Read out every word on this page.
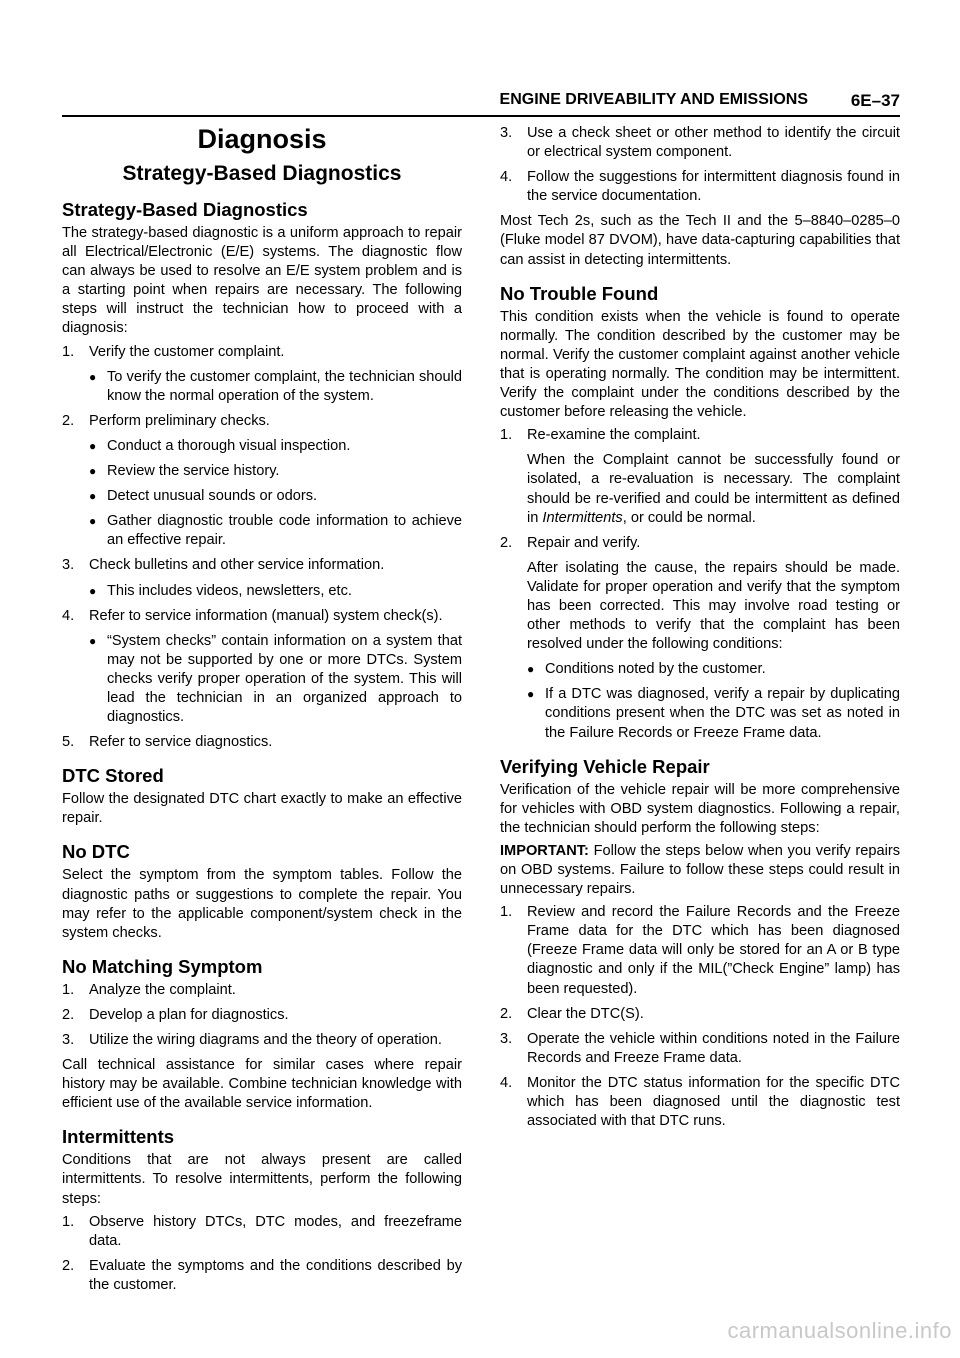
ENGINE DRIVEABILITY AND EMISSIONS	6E–37
Diagnosis
Strategy-Based Diagnostics
Strategy-Based Diagnostics

The strategy-based diagnostic is a uniform approach to repair all Electrical/Electronic (E/E) systems. The diagnostic flow can always be used to resolve an E/E system problem and is a starting point when repairs are necessary. The following steps will instruct the technician how to proceed with a diagnosis:

1. Verify the customer complaint.
● To verify the customer complaint, the technician should know the normal operation of the system.
2. Perform preliminary checks.
● Conduct a thorough visual inspection.
● Review the service history.
● Detect unusual sounds or odors.
● Gather diagnostic trouble code information to achieve an effective repair.
3. Check bulletins and other service information.
● This includes videos, newsletters, etc.
4. Refer to service information (manual) system check(s).
● “System checks” contain information on a system that may not be supported by one or more DTCs. System checks verify proper operation of the system. This will lead the technician in an organized approach to diagnostics.
5. Refer to service diagnostics.
DTC Stored

Follow the designated DTC chart exactly to make an effective repair.

No DTC

Select the symptom from the symptom tables. Follow the diagnostic paths or suggestions to complete the repair. You may refer to the applicable component/system check in the system checks.

No Matching Symptom
1. Analyze the complaint.
2. Develop a plan for diagnostics.
3. Utilize the wiring diagrams and the theory of operation.

Call technical assistance for similar cases where repair history may be available. Combine technician knowledge with efficient use of the available service information.

Intermittents

Conditions that are not always present are called intermittents. To resolve intermittents, perform the following steps:

1. Observe history DTCs, DTC modes, and freezeframe data.
2. Evaluate the symptoms and the conditions described by the customer.
3. Use a check sheet or other method to identify the circuit or electrical system component.
4. Follow the suggestions for intermittent diagnosis found in the service documentation.

Most Tech 2s, such as the Tech II and the 5–8840–0285–0 (Fluke model 87 DVOM), have data-capturing capabilities that can assist in detecting intermittents.

No Trouble Found

This condition exists when the vehicle is found to operate normally. The condition described by the customer may be normal. Verify the customer complaint against another vehicle that is operating normally. The condition may be intermittent. Verify the complaint under the conditions described by the customer before releasing the vehicle.

1. Re-examine the complaint.

When the Complaint cannot be successfully found or isolated, a re-evaluation is necessary. The complaint should be re-verified and could be intermittent as defined in Intermittents, or could be normal.

2. Repair and verify.

After isolating the cause, the repairs should be made. Validate for proper operation and verify that the symptom has been corrected. This may involve road testing or other methods to verify that the complaint has been resolved under the following conditions:

● Conditions noted by the customer.
● If a DTC was diagnosed, verify a repair by duplicating conditions present when the DTC was set as noted in the Failure Records or Freeze Frame data.
Verifying Vehicle Repair

Verification of the vehicle repair will be more comprehensive for vehicles with OBD system diagnostics. Following a repair, the technician should perform the following steps:

IMPORTANT: Follow the steps below when you verify repairs on OBD systems. Failure to follow these steps could result in unnecessary repairs.

1. Review and record the Failure Records and the Freeze Frame data for the DTC which has been diagnosed (Freeze Frame data will only be stored for an A or B type diagnostic and only if the MIL(”Check Engine” lamp) has been requested).
2. Clear the DTC(S).
3. Operate the vehicle within conditions noted in the Failure Records and Freeze Frame data.
4. Monitor the DTC status information for the specific DTC which has been diagnosed until the diagnostic test associated with that DTC runs.
carmanualsonline.info
